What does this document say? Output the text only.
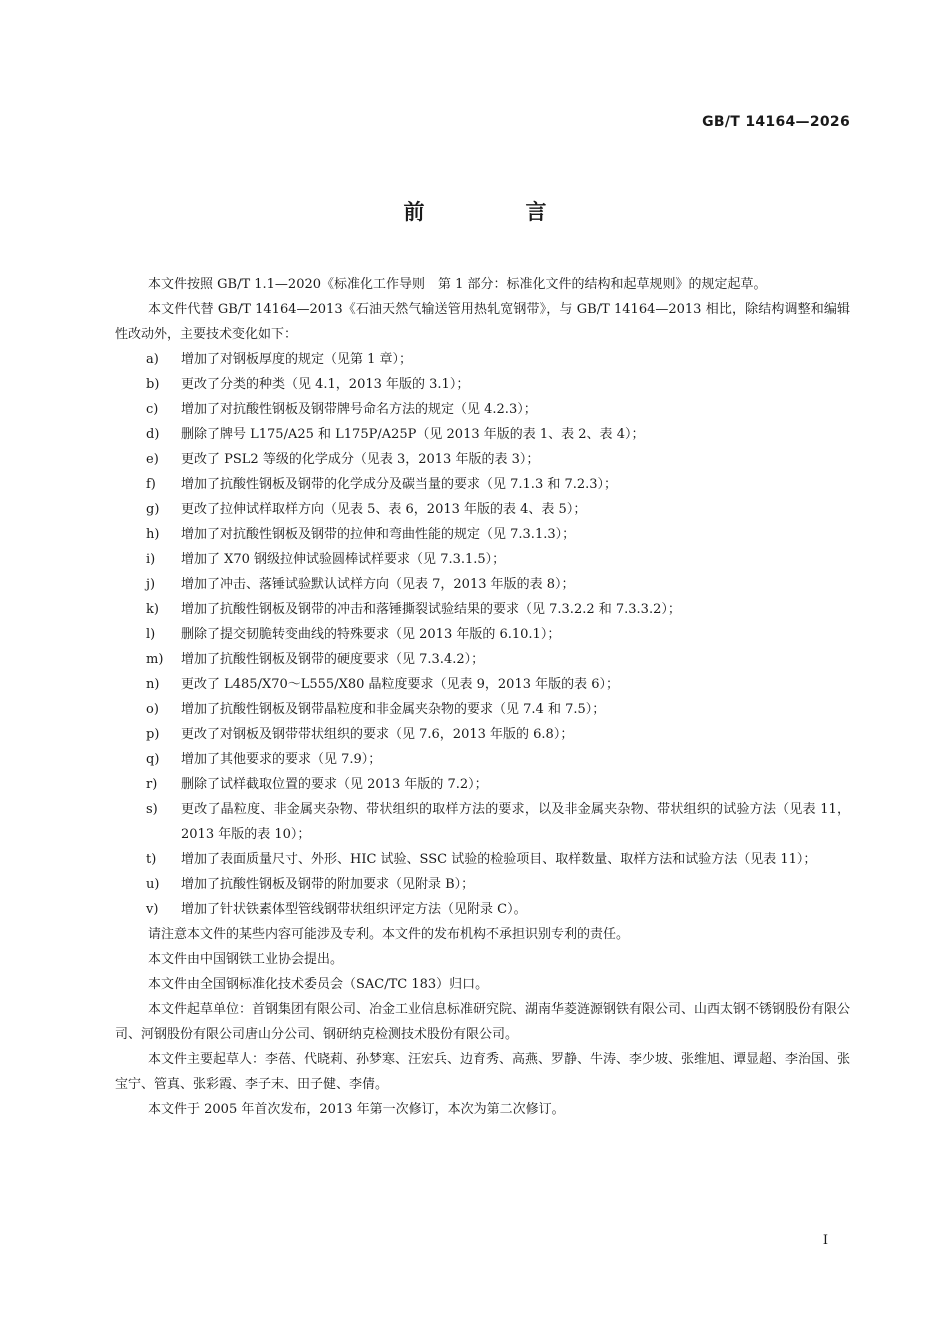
GB/T 14164—2026
前　言

本文件按照 GB/T 1.1—2020《标准化工作导则　第 1 部分：标准化文件的结构和起草规则》的规定起草。

本文件代替 GB/T 14164—2013《石油天然气输送管用热轧宽钢带》，与 GB/T 14164—2013 相比，除结构调整和编辑性改动外，主要技术变化如下：

a) 增加了对钢板厚度的规定（见第 1 章）；
b) 更改了分类的种类（见 4.1，2013 年版的 3.1）；
c) 增加了对抗酸性钢板及钢带牌号命名方法的规定（见 4.2.3）；
d) 删除了牌号 L175/A25 和 L175P/A25P（见 2013 年版的表 1、表 2、表 4）；
e) 更改了 PSL2 等级的化学成分（见表 3，2013 年版的表 3）；
f) 增加了抗酸性钢板及钢带的化学成分及碳当量的要求（见 7.1.3 和 7.2.3）；
g) 更改了拉伸试样取样方向（见表 5、表 6，2013 年版的表 4、表 5）；
h) 增加了对抗酸性钢板及钢带的拉伸和弯曲性能的规定（见 7.3.1.3）；
i) 增加了 X70 钢级拉伸试验圆棒试样要求（见 7.3.1.5）；
j) 增加了冲击、落锤试验默认试样方向（见表 7，2013 年版的表 8）；
k) 增加了抗酸性钢板及钢带的冲击和落锤撕裂试验结果的要求（见 7.3.2.2 和 7.3.3.2）；
l) 删除了提交韧脆转变曲线的特殊要求（见 2013 年版的 6.10.1）；
m) 增加了抗酸性钢板及钢带的硬度要求（见 7.3.4.2）；
n) 更改了 L485/X70～L555/X80 晶粒度要求（见表 9，2013 年版的表 6）；
o) 增加了抗酸性钢板及钢带晶粒度和非金属夹杂物的要求（见 7.4 和 7.5）；
p) 更改了对钢板及钢带带状组织的要求（见 7.6，2013 年版的 6.8）；
q) 增加了其他要求的要求（见 7.9）；
r) 删除了试样截取位置的要求（见 2013 年版的 7.2）；
s) 更改了晶粒度、非金属夹杂物、带状组织的取样方法的要求，以及非金属夹杂物、带状组织的试验方法（见表 11，2013 年版的表 10）；
t) 增加了表面质量尺寸、外形、HIC 试验、SSC 试验的检验项目、取样数量、取样方法和试验方法（见表 11）；
u) 增加了抗酸性钢板及钢带的附加要求（见附录 B）；
v) 增加了针状铁素体型管线钢带状组织评定方法（见附录 C）。

请注意本文件的某些内容可能涉及专利。本文件的发布机构不承担识别专利的责任。

本文件由中国钢铁工业协会提出。

本文件由全国钢标准化技术委员会（SAC/TC 183）归口。

本文件起草单位：首钢集团有限公司、冶金工业信息标准研究院、湖南华菱涟源钢铁有限公司、山西太钢不锈钢股份有限公司、河钢股份有限公司唐山分公司、钢研纳克检测技术股份有限公司。

本文件主要起草人：李蓓、代晓莉、孙梦寒、汪宏兵、边育秀、高燕、罗静、牛涛、李少坡、张维旭、谭显超、李治国、张宝宁、管真、张彩霞、李子末、田子健、李倩。

本文件于 2005 年首次发布，2013 年第一次修订，本次为第二次修订。

I
